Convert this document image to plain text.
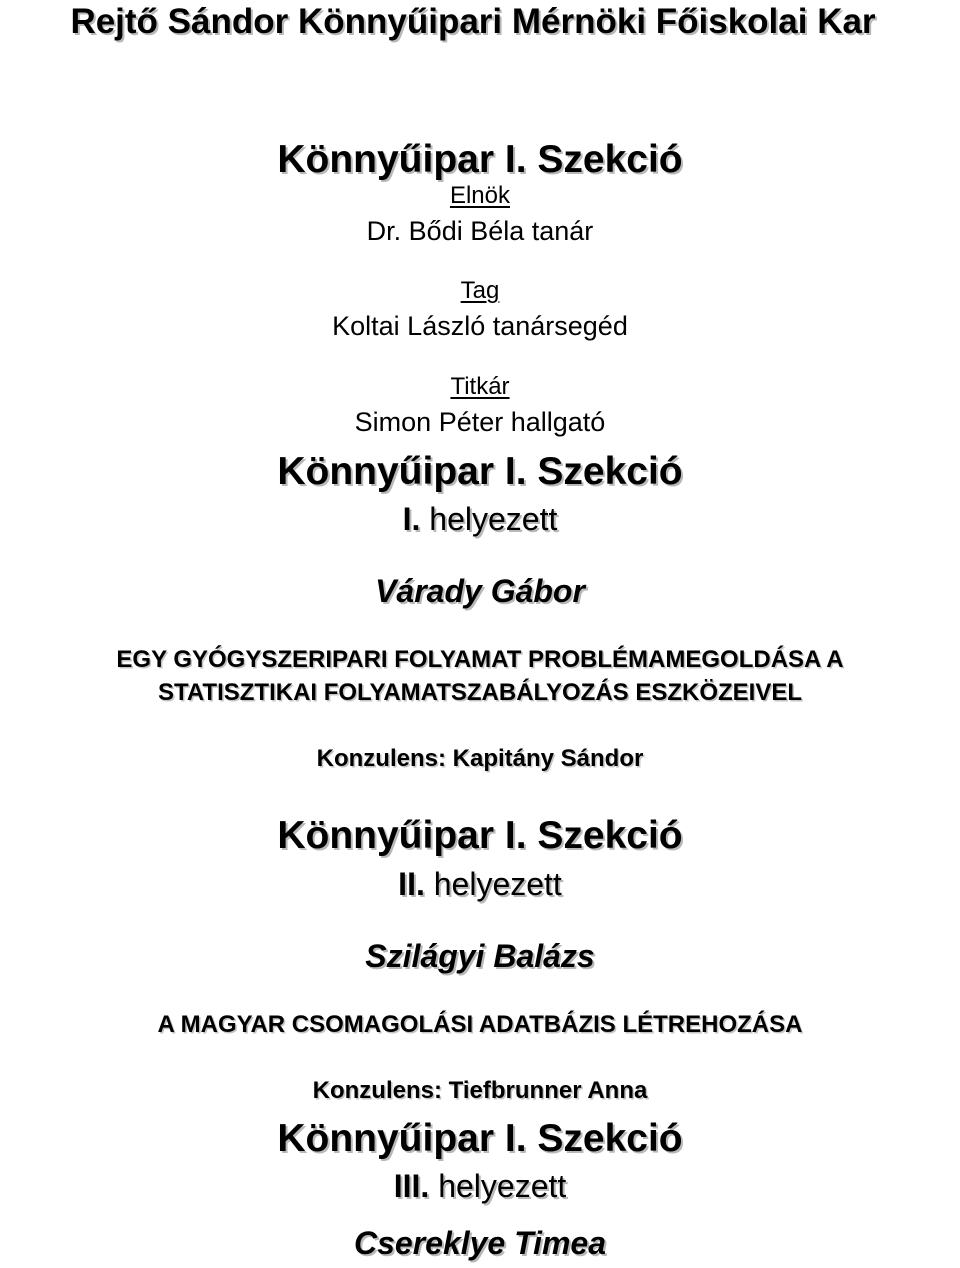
Rejtő Sándor Könnyűipari Mérnöki Főiskolai Kar
Könnyűipar I. Szekció
Elnök
Dr. Bődi Béla tanár
Tag
Koltai László tanársegéd
Titkár
Simon Péter hallgató
Könnyűipar I. Szekció
I. helyezett
Várady Gábor
EGY GYÓGYSZERIPARI FOLYAMAT PROBLÉMAMEGOLDÁSA A
STATISZTIKAI FOLYAMATSZABÁLYOZÁS ESZKÖZEIVEL
Konzulens: Kapitány Sándor
Könnyűipar I. Szekció
II. helyezett
Szilágyi Balázs
A MAGYAR CSOMAGOLÁSI ADATBÁZIS LÉTREHOZÁSA
Konzulens: Tiefbrunner Anna
Könnyűipar I. Szekció
III. helyezett
Csereklye Timea
